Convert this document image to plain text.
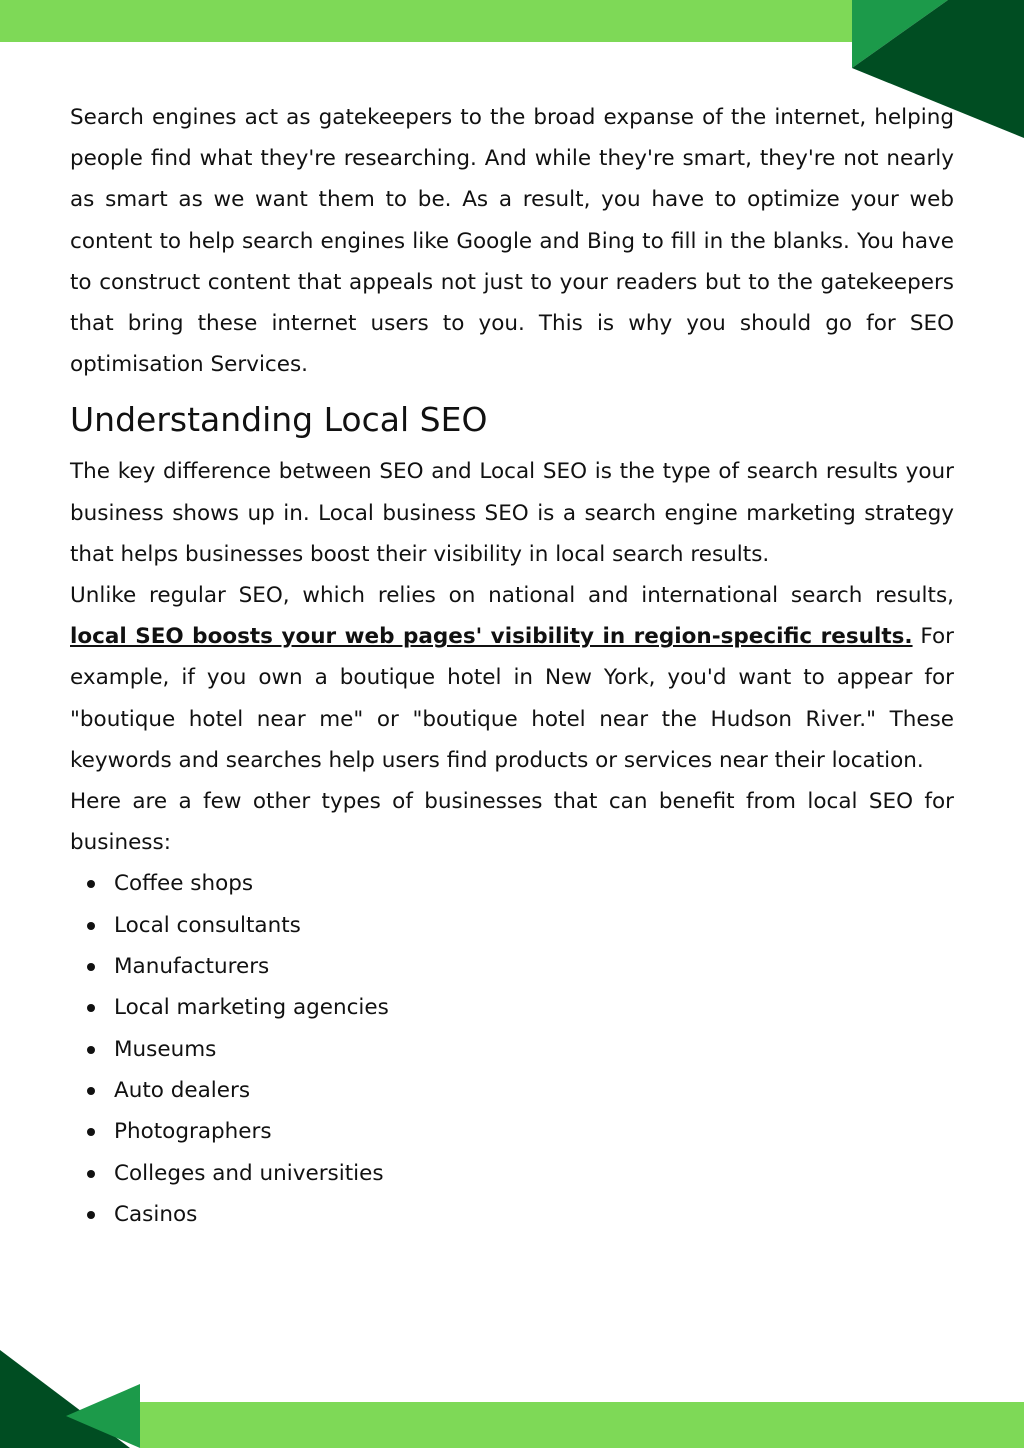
Search engines act as gatekeepers to the broad expanse of the internet, helping people find what they're researching. And while they're smart, they're not nearly as smart as we want them to be. As a result, you have to optimize your web content to help search engines like Google and Bing to fill in the blanks. You have to construct content that appeals not just to your readers but to the gatekeepers that bring these internet users to you. This is why you should go for SEO optimisation Services.

Understanding Local SEO

The key difference between SEO and Local SEO is the type of search results your business shows up in. Local business SEO is a search engine marketing strategy that helps businesses boost their visibility in local search results.

Unlike regular SEO, which relies on national and international search results, local SEO boosts your web pages' visibility in region-specific results. For example, if you own a boutique hotel in New York, you'd want to appear for "boutique hotel near me" or "boutique hotel near the Hudson River." These keywords and searches help users find products or services near their location.

Here are a few other types of businesses that can benefit from local SEO for business:

Coffee shops
Local consultants
Manufacturers
Local marketing agencies
Museums
Auto dealers
Photographers
Colleges and universities
Casinos
